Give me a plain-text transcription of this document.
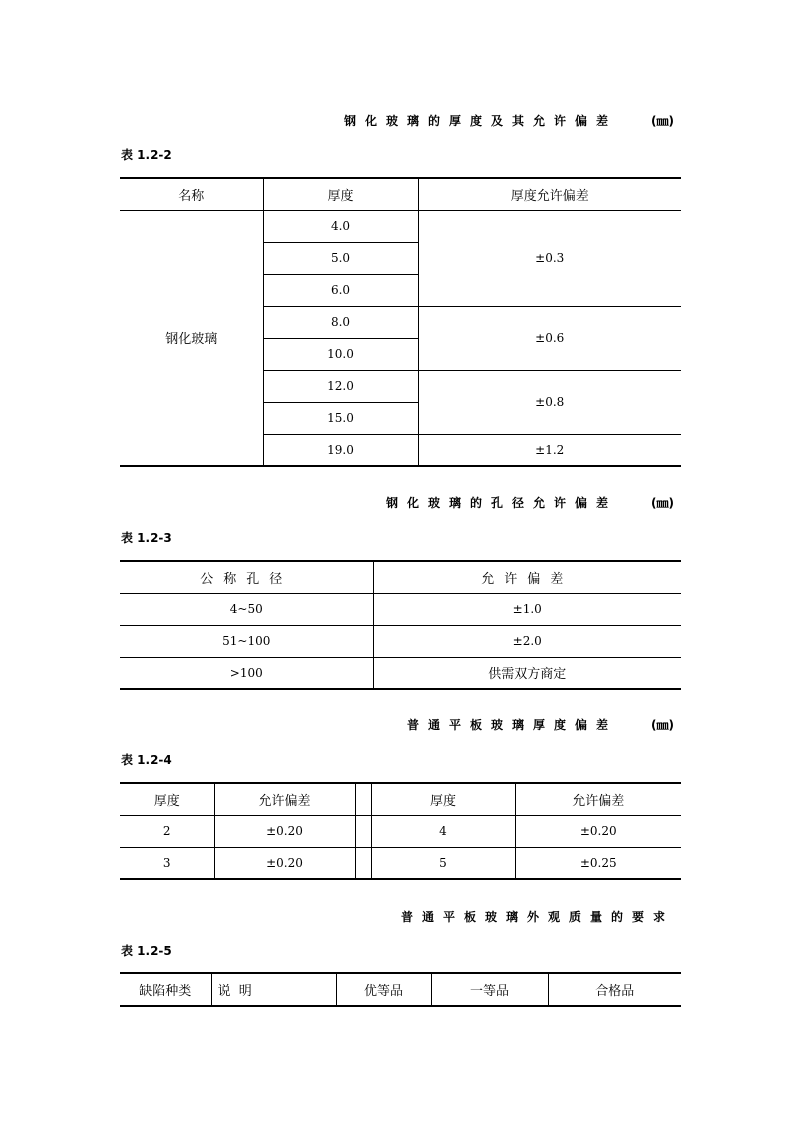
钢化玻璃的厚度及其允许偏差	(㎜)
表 1.2-2
名称	厚度	厚度允许偏差
钢化玻璃	4.0	±0.3
	5.0	
	6.0	
	8.0	±0.6
	10.0	
	12.0	±0.8
	15.0	
	19.0	±1.2
钢化玻璃的孔径允许偏差	(㎜)
表 1.2-3
公称孔径	允许偏差
4~50	±1.0
51~100	±2.0
>100	供需双方商定
普通平板玻璃厚度偏差	(㎜)
表 1.2-4
厚度	允许偏差		厚度	允许偏差
2	±0.20		4	±0.20
3	±0.20		5	±0.25
普通平板玻璃外观质量的要求
表 1.2-5
缺陷种类	说  明	优等品	一等品	合格品
